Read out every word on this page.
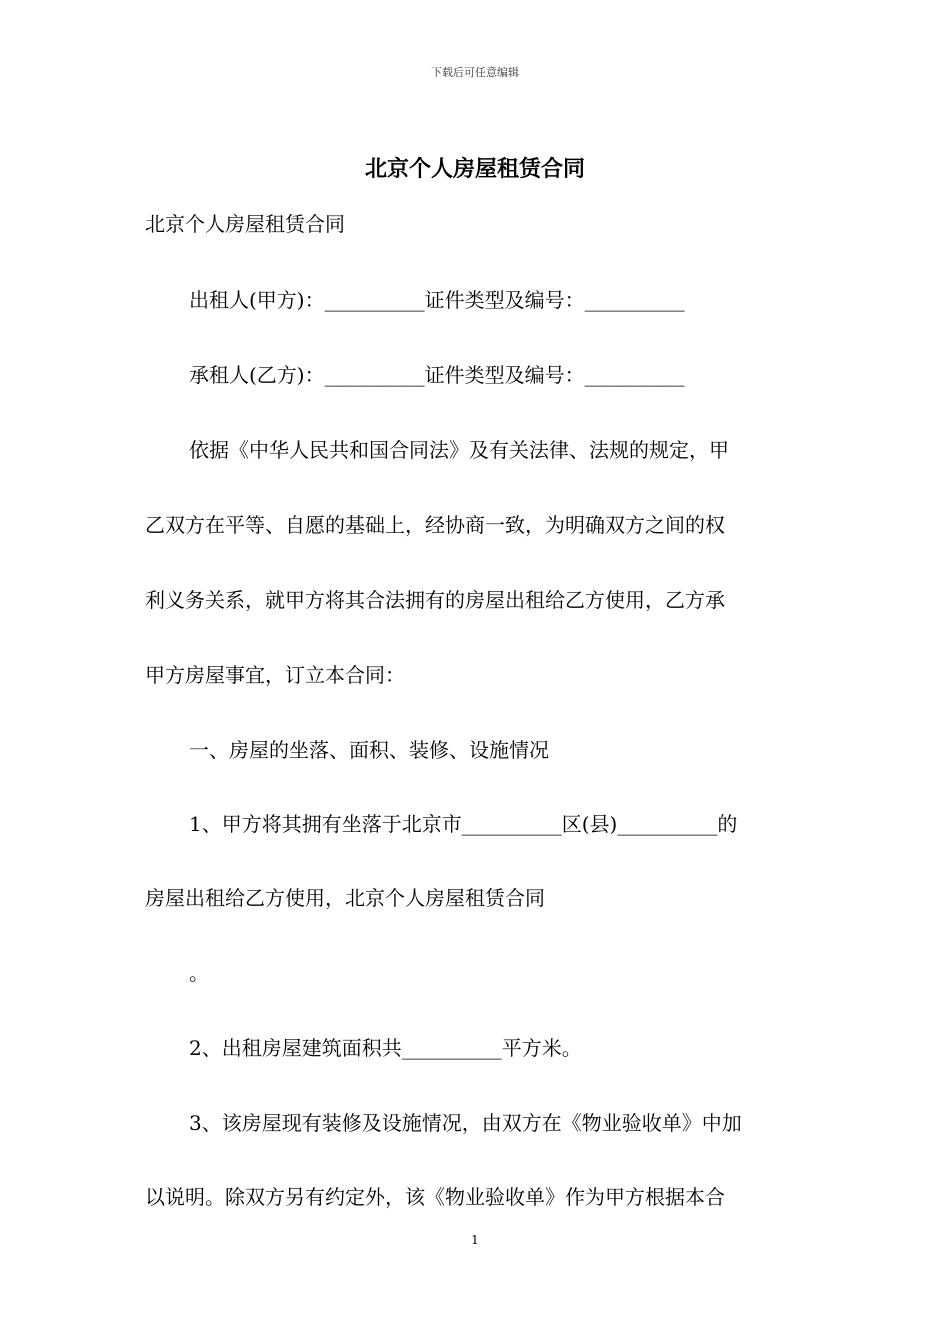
下载后可任意编辑
北京个人房屋租赁合同
北京个人房屋租赁合同
出租人(甲方)：__________证件类型及编号：__________
承租人(乙方)：__________证件类型及编号：__________
依据《中华人民共和国合同法》及有关法律、法规的规定，甲
乙双方在平等、自愿的基础上，经协商一致，为明确双方之间的权
利义务关系，就甲方将其合法拥有的房屋出租给乙方使用，乙方承
甲方房屋事宜，订立本合同：
一、房屋的坐落、面积、装修、设施情况
1、甲方将其拥有坐落于北京市__________区(县)__________的
房屋出租给乙方使用，北京个人房屋租赁合同
。
2、出租房屋建筑面积共__________平方米。
3、该房屋现有装修及设施情况，由双方在《物业验收单》中加
以说明。除双方另有约定外，该《物业验收单》作为甲方根据本合
1
